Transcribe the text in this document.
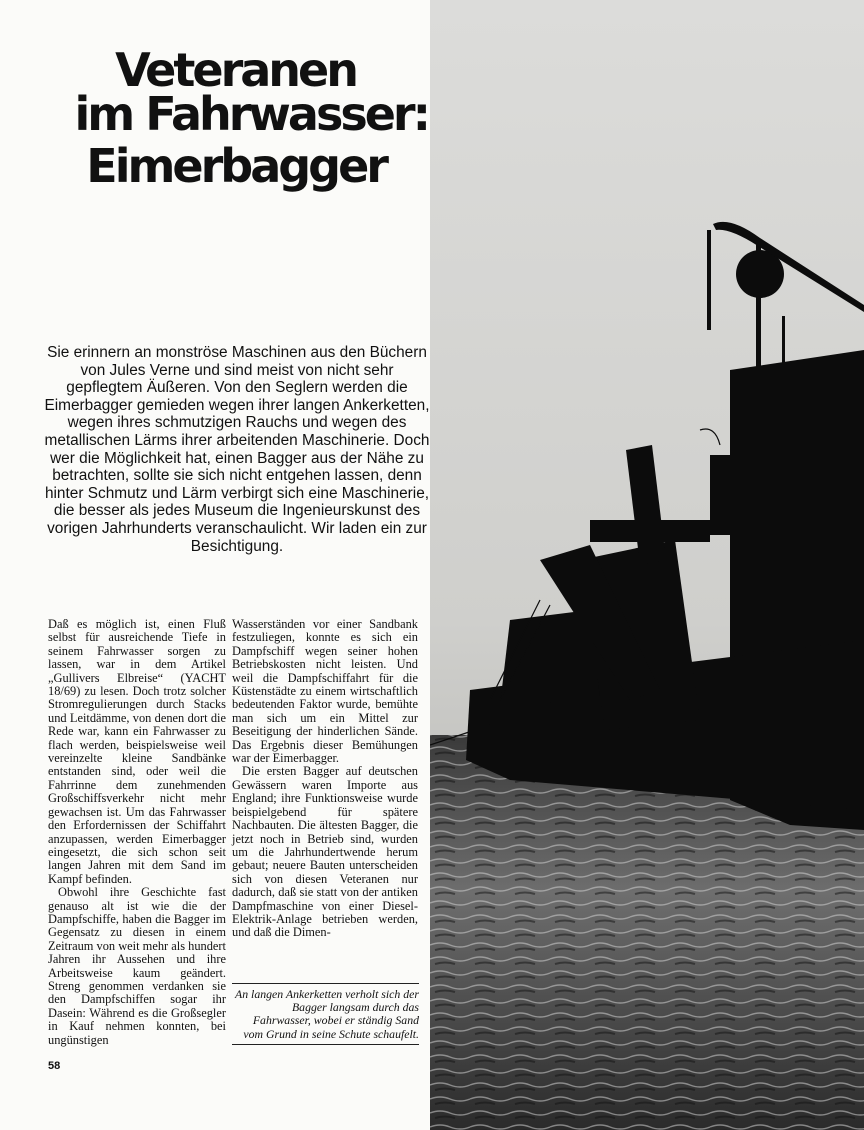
Veteranen
im Fahrwasser:
Eimerbagger

Sie erinnern an monströse Maschinen aus den Büchern von Jules Verne und sind meist von nicht sehr gepflegtem Äußeren. Von den Seglern werden die Eimerbagger gemieden wegen ihrer langen Ankerketten, wegen ihres schmutzigen Rauchs und wegen des metallischen Lärms ihrer arbeitenden Maschinerie. Doch wer die Möglichkeit hat, einen Bagger aus der Nähe zu betrachten, sollte sie sich nicht entgehen lassen, denn hinter Schmutz und Lärm verbirgt sich eine Maschinerie, die besser als jedes Museum die Ingenieurskunst des vorigen Jahrhunderts veranschaulicht. Wir laden ein zur Besichtigung.

Daß es möglich ist, einen Fluß selbst für ausreichende Tiefe in seinem Fahrwasser sorgen zu lassen, war in dem Artikel „Gullivers Elbreise“ (YACHT 18/69) zu lesen. Doch trotz solcher Stromregulierungen durch Stacks und Leitdämme, von denen dort die Rede war, kann ein Fahrwasser zu flach werden, beispielsweise weil vereinzelte kleine Sandbänke entstanden sind, oder weil die Fahrrinne dem zunehmenden Großschiffsverkehr nicht mehr gewachsen ist. Um das Fahrwasser den Erfordernissen der Schiffahrt anzupassen, werden Eimerbagger eingesetzt, die sich schon seit langen Jahren mit dem Sand im Kampf befinden.

Obwohl ihre Geschichte fast genauso alt ist wie die der Dampfschiffe, haben die Bagger im Gegensatz zu diesen in einem Zeitraum von weit mehr als hundert Jahren ihr Aussehen und ihre Arbeitsweise kaum geändert. Streng genommen verdanken sie den Dampfschiffen sogar ihr Dasein: Während es die Großsegler in Kauf nehmen konnten, bei ungünstigen

Wasserständen vor einer Sandbank festzuliegen, konnte es sich ein Dampfschiff wegen seiner hohen Betriebskosten nicht leisten. Und weil die Dampfschiffahrt für die Küstenstädte zu einem wirtschaftlich bedeutenden Faktor wurde, bemühte man sich um ein Mittel zur Beseitigung der hinderlichen Sände. Das Ergebnis dieser Bemühungen war der Eimerbagger.

Die ersten Bagger auf deutschen Gewässern waren Importe aus England; ihre Funktionsweise wurde beispielgebend für spätere Nachbauten. Die ältesten Bagger, die jetzt noch in Betrieb sind, wurden um die Jahrhundertwende herum gebaut; neuere Bauten unterscheiden sich von diesen Veteranen nur dadurch, daß sie statt von der antiken Dampfmaschine von einer Diesel-Elektrik-Anlage betrieben werden, und daß die Dimen-

An langen Ankerketten verholt sich der Bagger langsam durch das Fahrwasser, wobei er ständig Sand vom Grund in seine Schute schaufelt.
58
